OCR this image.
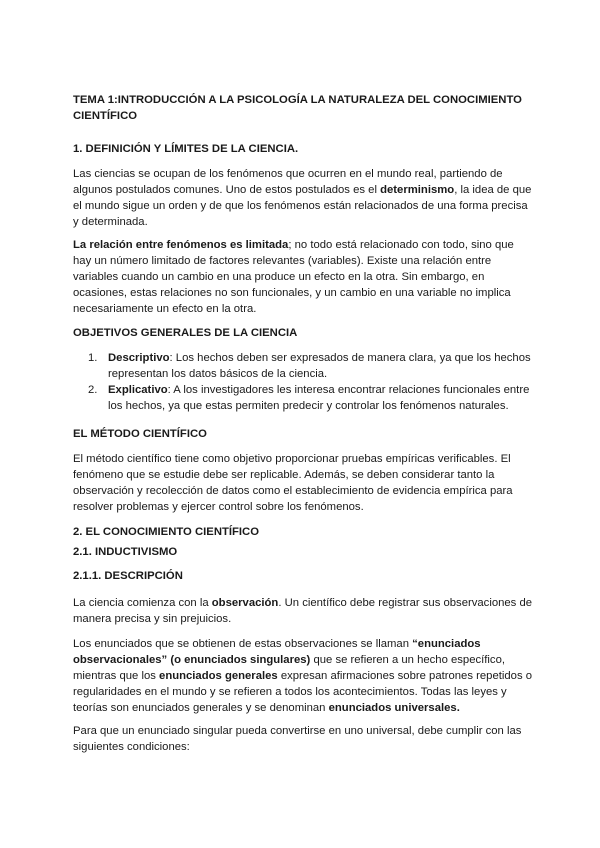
TEMA 1:INTRODUCCIÓN A LA PSICOLOGÍA LA NATURALEZA DEL CONOCIMIENTO CIENTÍFICO
1. DEFINICIÓN Y LÍMITES DE LA CIENCIA.
Las ciencias se ocupan de los fenómenos que ocurren en el mundo real, partiendo de algunos postulados comunes. Uno de estos postulados es el determinismo, la idea de que el mundo sigue un orden y de que los fenómenos están relacionados de una forma precisa y determinada.
La relación entre fenómenos es limitada; no todo está relacionado con todo, sino que hay un número limitado de factores relevantes (variables). Existe una relación entre variables cuando un cambio en una produce un efecto en la otra. Sin embargo, en ocasiones, estas relaciones no son funcionales, y un cambio en una variable no implica necesariamente un efecto en la otra.
OBJETIVOS GENERALES DE LA CIENCIA
1. Descriptivo: Los hechos deben ser expresados de manera clara, ya que los hechos representan los datos básicos de la ciencia.
2. Explicativo: A los investigadores les interesa encontrar relaciones funcionales entre los hechos, ya que estas permiten predecir y controlar los fenómenos naturales.
EL MÉTODO CIENTÍFICO
El método científico tiene como objetivo proporcionar pruebas empíricas verificables. El fenómeno que se estudie debe ser replicable. Además, se deben considerar tanto la observación y recolección de datos como el establecimiento de evidencia empírica para resolver problemas y ejercer control sobre los fenómenos.
2. EL CONOCIMIENTO CIENTÍFICO
2.1. INDUCTIVISMO
2.1.1. DESCRIPCIÓN
La ciencia comienza con la observación. Un científico debe registrar sus observaciones de manera precisa y sin prejuicios.
Los enunciados que se obtienen de estas observaciones se llaman “enunciados observacionales” (o enunciados singulares) que se refieren a un hecho específico, mientras que los enunciados generales expresan afirmaciones sobre patrones repetidos o regularidades en el mundo y se refieren a todos los acontecimientos. Todas las leyes y teorías son enunciados generales y se denominan enunciados universales.
Para que un enunciado singular pueda convertirse en uno universal, debe cumplir con las siguientes condiciones:
